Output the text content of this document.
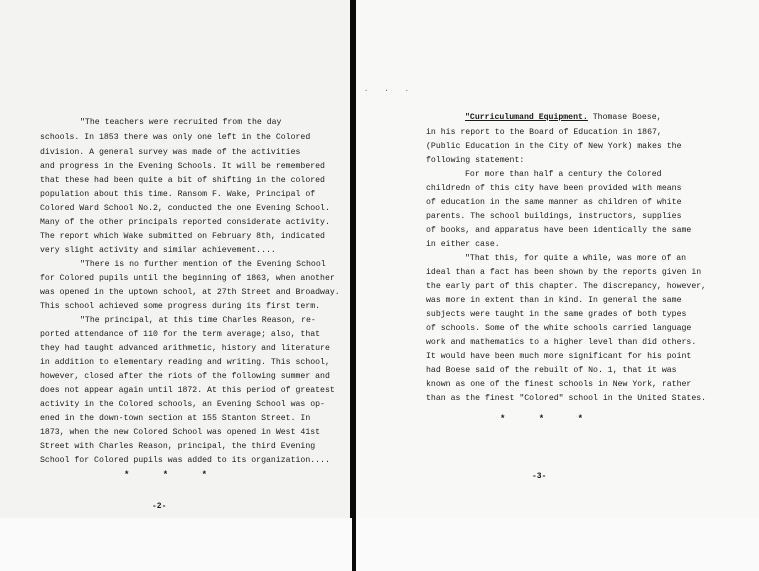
"The teachers were recruited from the day
schools. In 1853 there was only one left in the Colored
division. A general survey was made of the activities
and progress in the Evening Schools. It will be remembered
that these had been quite a bit of shifting in the colored
population about this time. Ransom F. Wake, Principal of
Colored Ward School No.2, conducted the one Evening School.
Many of the other principals reported considerate activity.
The report which Wake submitted on February 8th, indicated
very slight activity and similar achievement....
"There is no further mention of the Evening School
for Colored pupils until the beginning of 1863, when another
was opened in the uptown school, at 27th Street and Broadway.
This school achieved some progress during its first term.
"The principal, at this time Charles Reason, re-
ported attendance of 110 for the term average; also, that
they had taught advanced arithmetic, history and literature
in addition to elementary reading and writing. This school,
however, closed after the riots of the following summer and
does not appear again until 1872. At this period of greatest
activity in the Colored schools, an Evening School was op-
ened in the down-town section at 155 Stanton Street. In
1873, when the new Colored School was opened in West 41st
Street with Charles Reason, principal, the third Evening
School for Colored pupils was added to its organization....
* * *
-2-
. . .
"Curriculumand Equipment. Thomase Boese,
in his report to the Board of Education in 1867,
(Public Education in the City of New York) makes the
following statement:
For more than half a century the Colored
childredn of this city have been provided with means
of education in the same manner as children of white
parents. The school buildings, instructors, supplies
of books, and apparatus have been identically the same
in either case.
"That this, for quite a while, was more of an
ideal than a fact has been shown by the reports given in
the early part of this chapter. The discrepancy, however,
was more in extent than in kind. In general the same
subjects were taught in the same grades of both types
of schools. Some of the white schools carried language
work and mathematics to a higher level than did others.
It would have been much more significant for his point
had Boese said of the rebuilt of No. 1, that it was
known as one of the finest schools in New York, rather
than as the finest "Colored" school in the United States.
* * *
-3-
